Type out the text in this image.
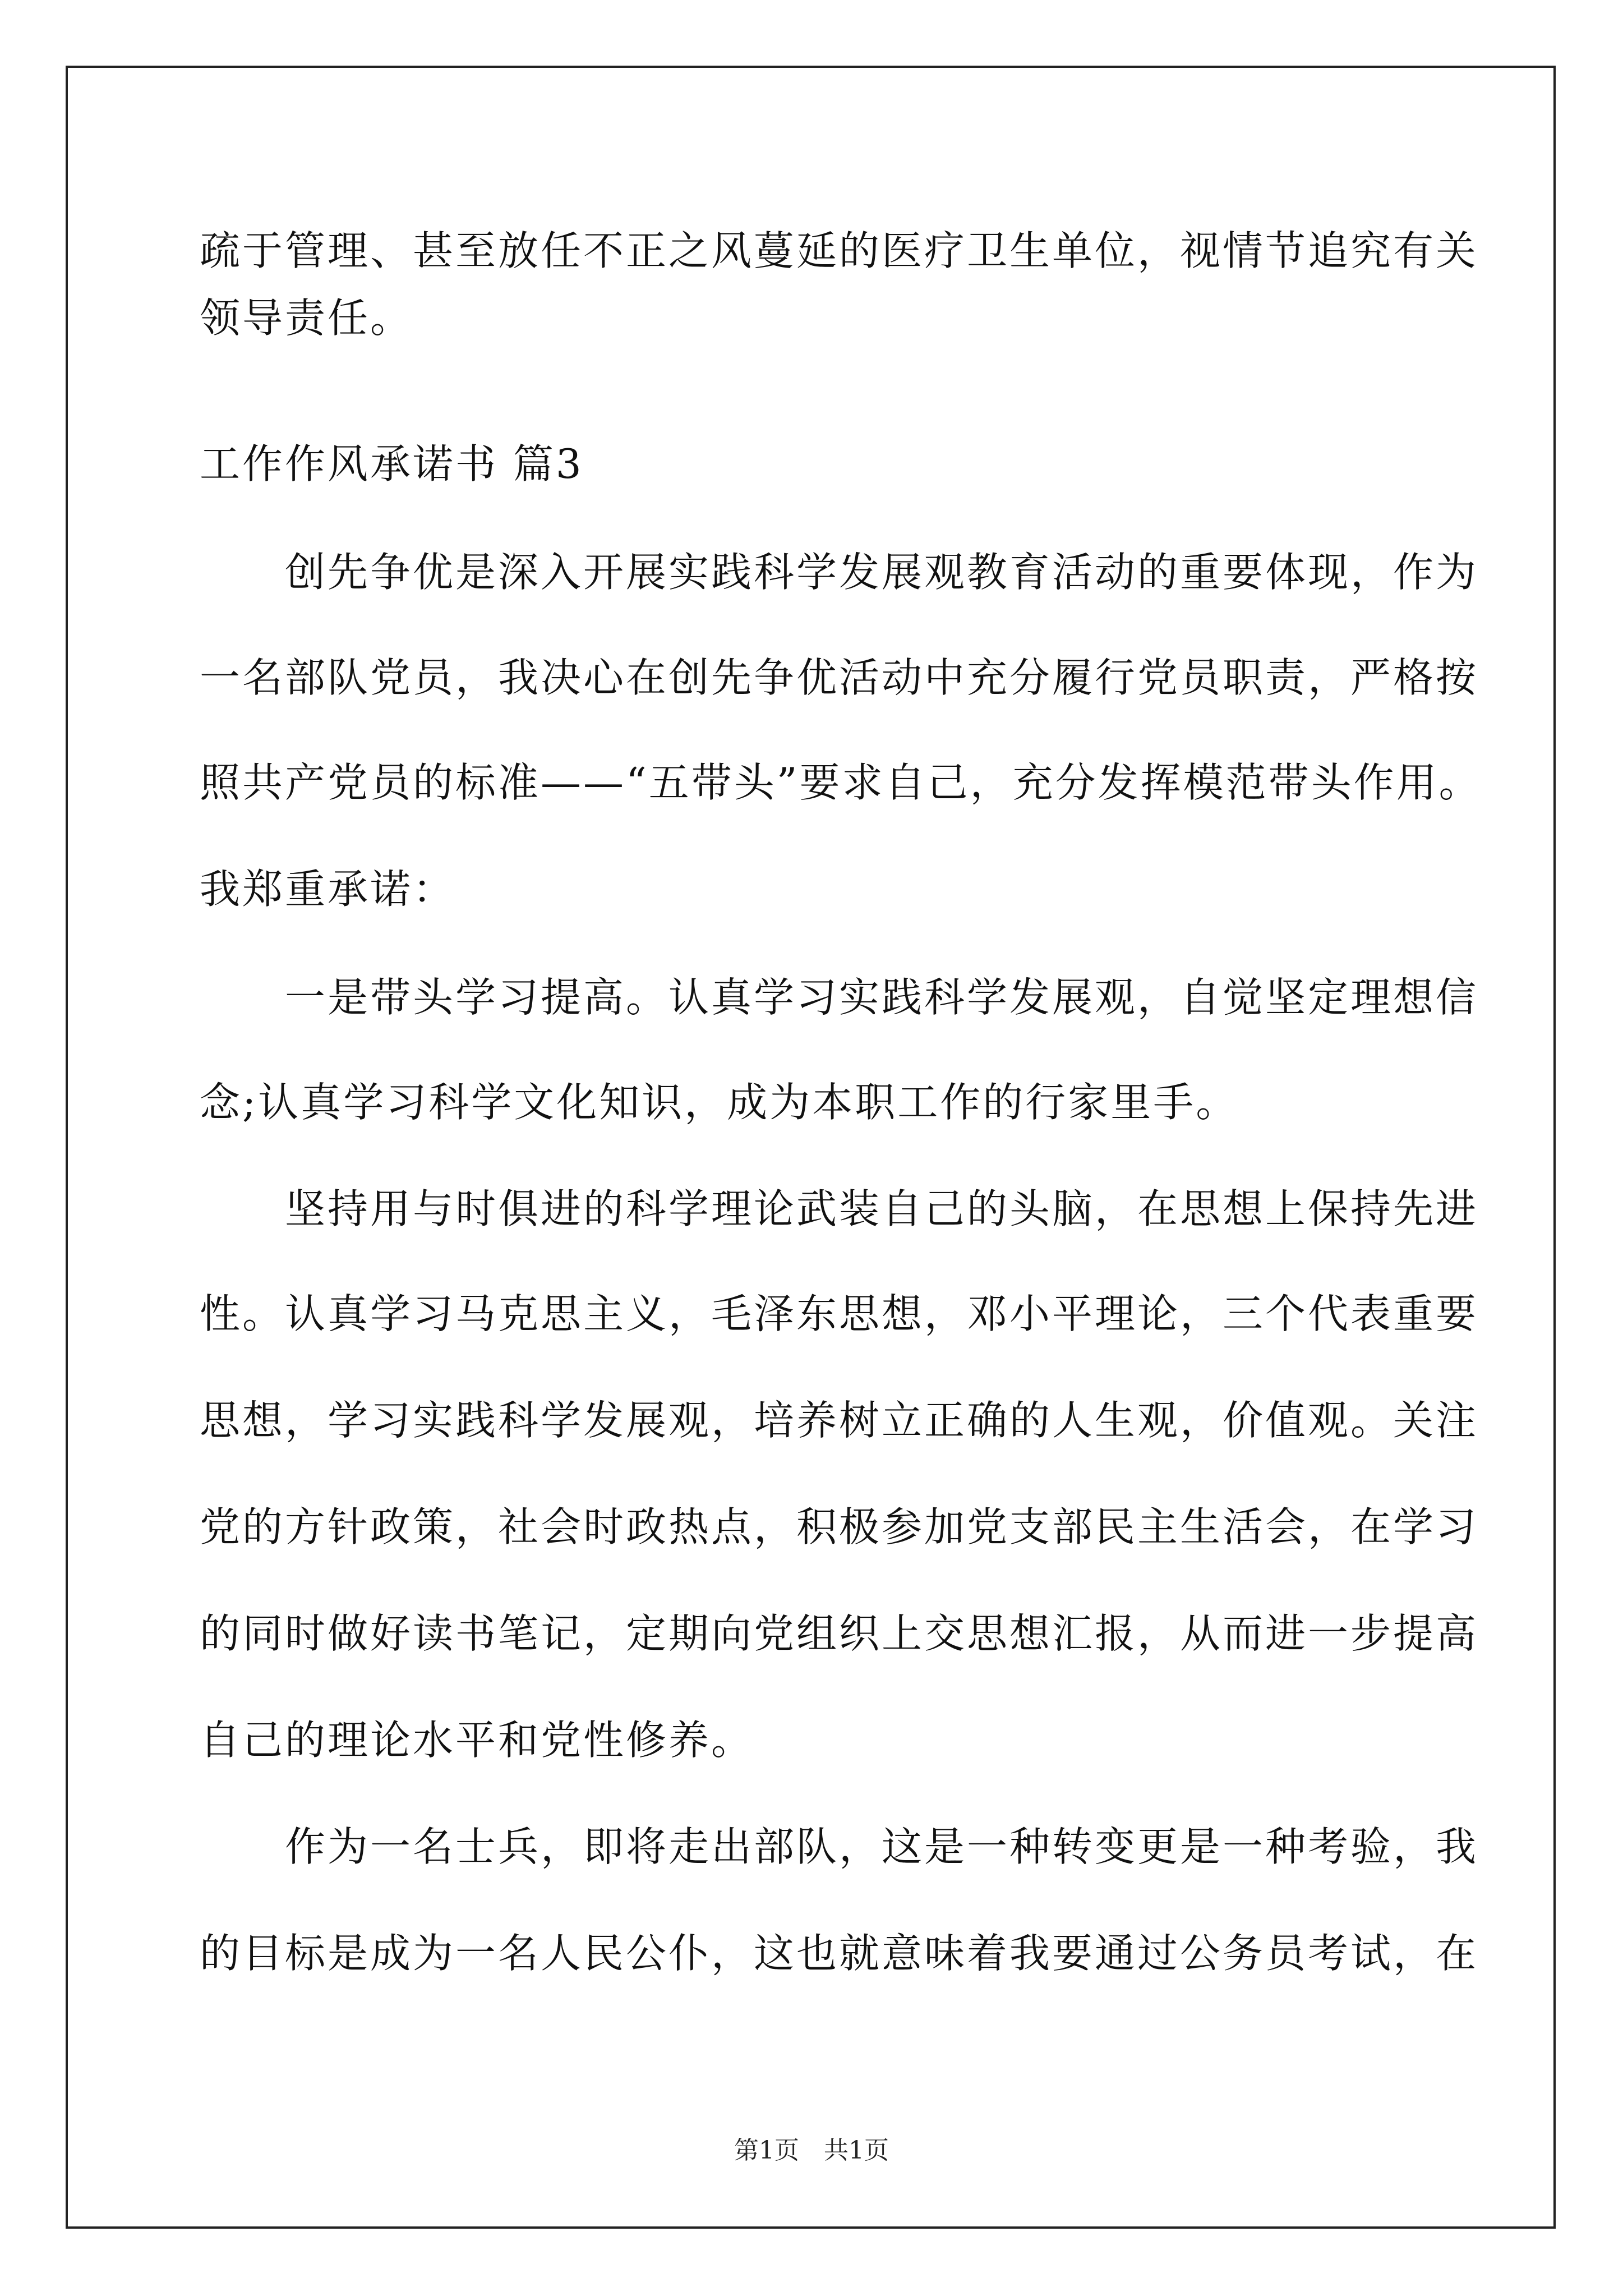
疏于管理、甚至放任不正之风蔓延的医疗卫生单位，视情节追究有关
领导责任。
工作作风承诺书 篇3
　　创先争优是深入开展实践科学发展观教育活动的重要体现，作为
一名部队党员，我决心在创先争优活动中充分履行党员职责，严格按
照共产党员的标准——“五带头”要求自己，充分发挥模范带头作用。
我郑重承诺：
　　一是带头学习提高。认真学习实践科学发展观，自觉坚定理想信
念;认真学习科学文化知识，成为本职工作的行家里手。
　　坚持用与时俱进的科学理论武装自己的头脑，在思想上保持先进
性。认真学习马克思主义，毛泽东思想，邓小平理论，三个代表重要
思想，学习实践科学发展观，培养树立正确的人生观，价值观。关注
党的方针政策，社会时政热点，积极参加党支部民主生活会，在学习
的同时做好读书笔记，定期向党组织上交思想汇报，从而进一步提高
自己的理论水平和党性修养。
　　作为一名士兵，即将走出部队，这是一种转变更是一种考验，我
的目标是成为一名人民公仆，这也就意味着我要通过公务员考试，在
第1页　共1页
